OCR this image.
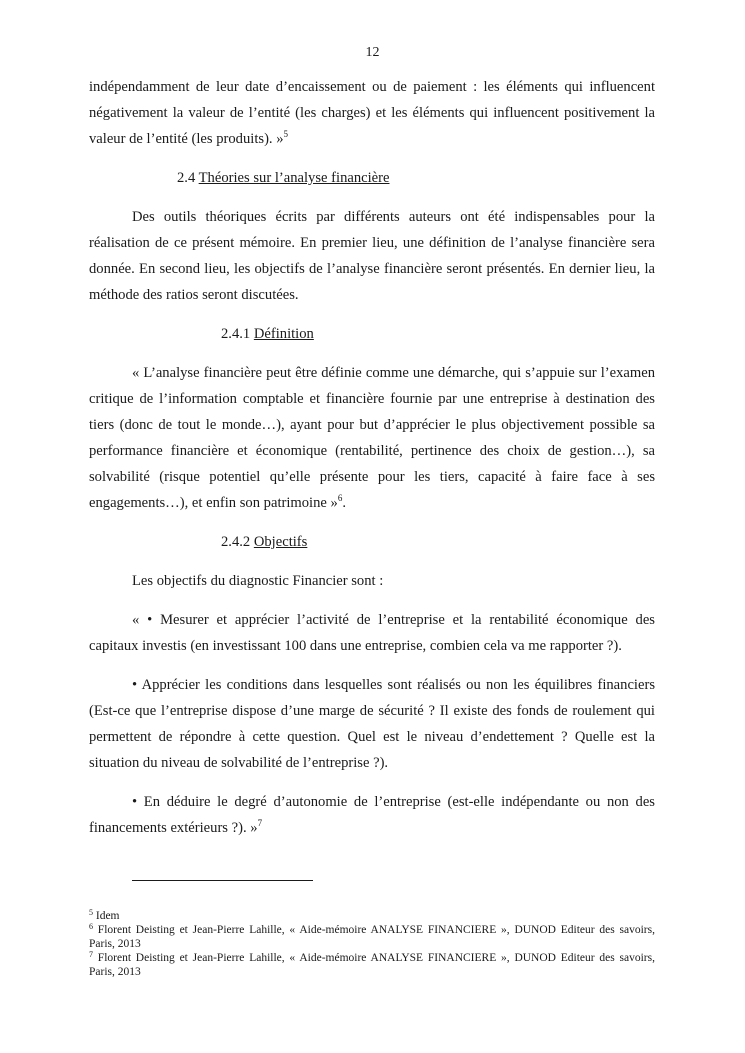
12

indépendamment de leur date d’encaissement ou de paiement : les éléments qui influencent négativement la valeur de l’entité (les charges) et les éléments qui influencent positivement la valeur de l’entité (les produits). »$^5$

2.4 Théories sur l’analyse financière

Des outils théoriques écrits par différents auteurs ont été indispensables pour la réalisation de ce présent mémoire. En premier lieu, une définition de l’analyse financière sera donnée. En second lieu, les objectifs de l’analyse financière seront présentés. En dernier lieu, la méthode des ratios seront discutées.

2.4.1 Définition

« L’analyse financière peut être définie comme une démarche, qui s’appuie sur l’examen critique de l’information comptable et financière fournie par une entreprise à destination des tiers (donc de tout le monde…), ayant pour but d’apprécier le plus objectivement possible sa performance financière et économique (rentabilité, pertinence des choix de gestion…), sa solvabilité (risque potentiel qu’elle présente pour les tiers, capacité à faire face à ses engagements…), et enfin son patrimoine »$^6$.

2.4.2 Objectifs

Les objectifs du diagnostic Financier sont :

« • Mesurer et apprécier l’activité de l’entreprise et la rentabilité économique des capitaux investis (en investissant 100 dans une entreprise, combien cela va me rapporter ?).

• Apprécier les conditions dans lesquelles sont réalisés ou non les équilibres financiers (Est-ce que l’entreprise dispose d’une marge de sécurité ? Il existe des fonds de roulement qui permettent de répondre à cette question. Quel est le niveau d’endettement ? Quelle est la situation du niveau de solvabilité de l’entreprise ?).

• En déduire le degré d’autonomie de l’entreprise (est-elle indépendante ou non des financements extérieurs ?). »$^7$

$^5$ Idem

$^6$ Florent Deisting et Jean-Pierre Lahille, « Aide-mémoire ANALYSE FINANCIERE », DUNOD Editeur des savoirs, Paris, 2013

$^7$ Florent Deisting et Jean-Pierre Lahille, « Aide-mémoire ANALYSE FINANCIERE », DUNOD Editeur des savoirs, Paris, 2013
